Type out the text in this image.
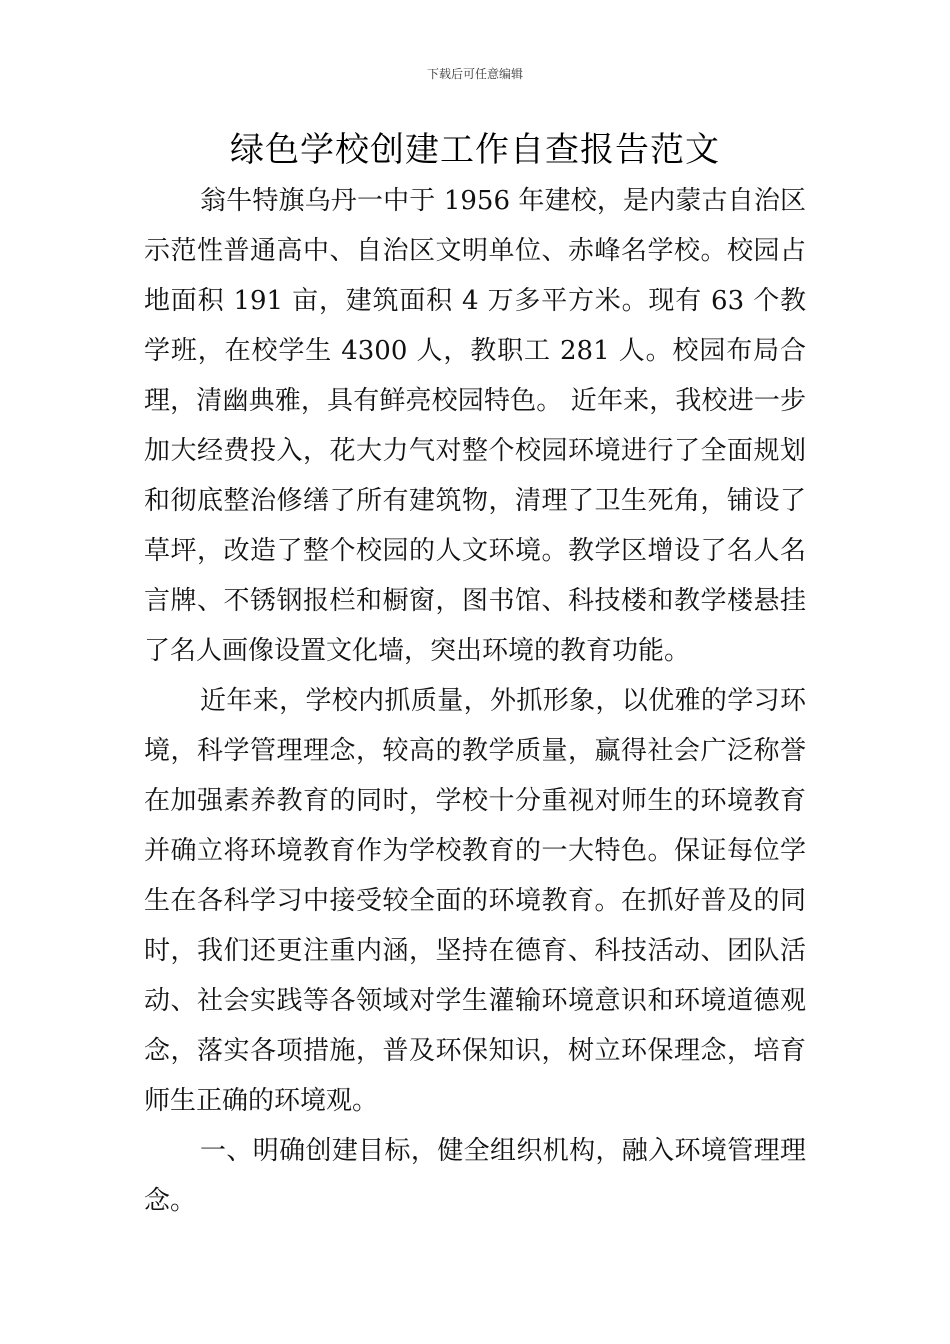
下载后可任意编辑
绿色学校创建工作自查报告范文

翁牛特旗乌丹一中于 1956 年建校，是内蒙古自治区示范性普通高中、自治区文明单位、赤峰名学校。校园占地面积 191 亩，建筑面积 4 万多平方米。现有 63 个教学班，在校学生 4300 人，教职工 281 人。校园布局合理，清幽典雅，具有鲜亮校园特色。 近年来，我校进一步加大经费投入，花大力气对整个校园环境进行了全面规划和彻底整治修缮了所有建筑物，清理了卫生死角，铺设了草坪，改造了整个校园的人文环境。教学区增设了名人名言牌、不锈钢报栏和橱窗，图书馆、科技楼和教学楼悬挂了名人画像设置文化墙，突出环境的教育功能。

近年来，学校内抓质量，外抓形象，以优雅的学习环境，科学管理理念，较高的教学质量，赢得社会广泛称誉在加强素养教育的同时，学校十分重视对师生的环境教育并确立将环境教育作为学校教育的一大特色。保证每位学生在各科学习中接受较全面的环境教育。在抓好普及的同时，我们还更注重内涵，坚持在德育、科技活动、团队活动、社会实践等各领域对学生灌输环境意识和环境道德观念，落实各项措施，普及环保知识，树立环保理念，培育师生正确的环境观。

一、明确创建目标，健全组织机构，融入环境管理理念。
